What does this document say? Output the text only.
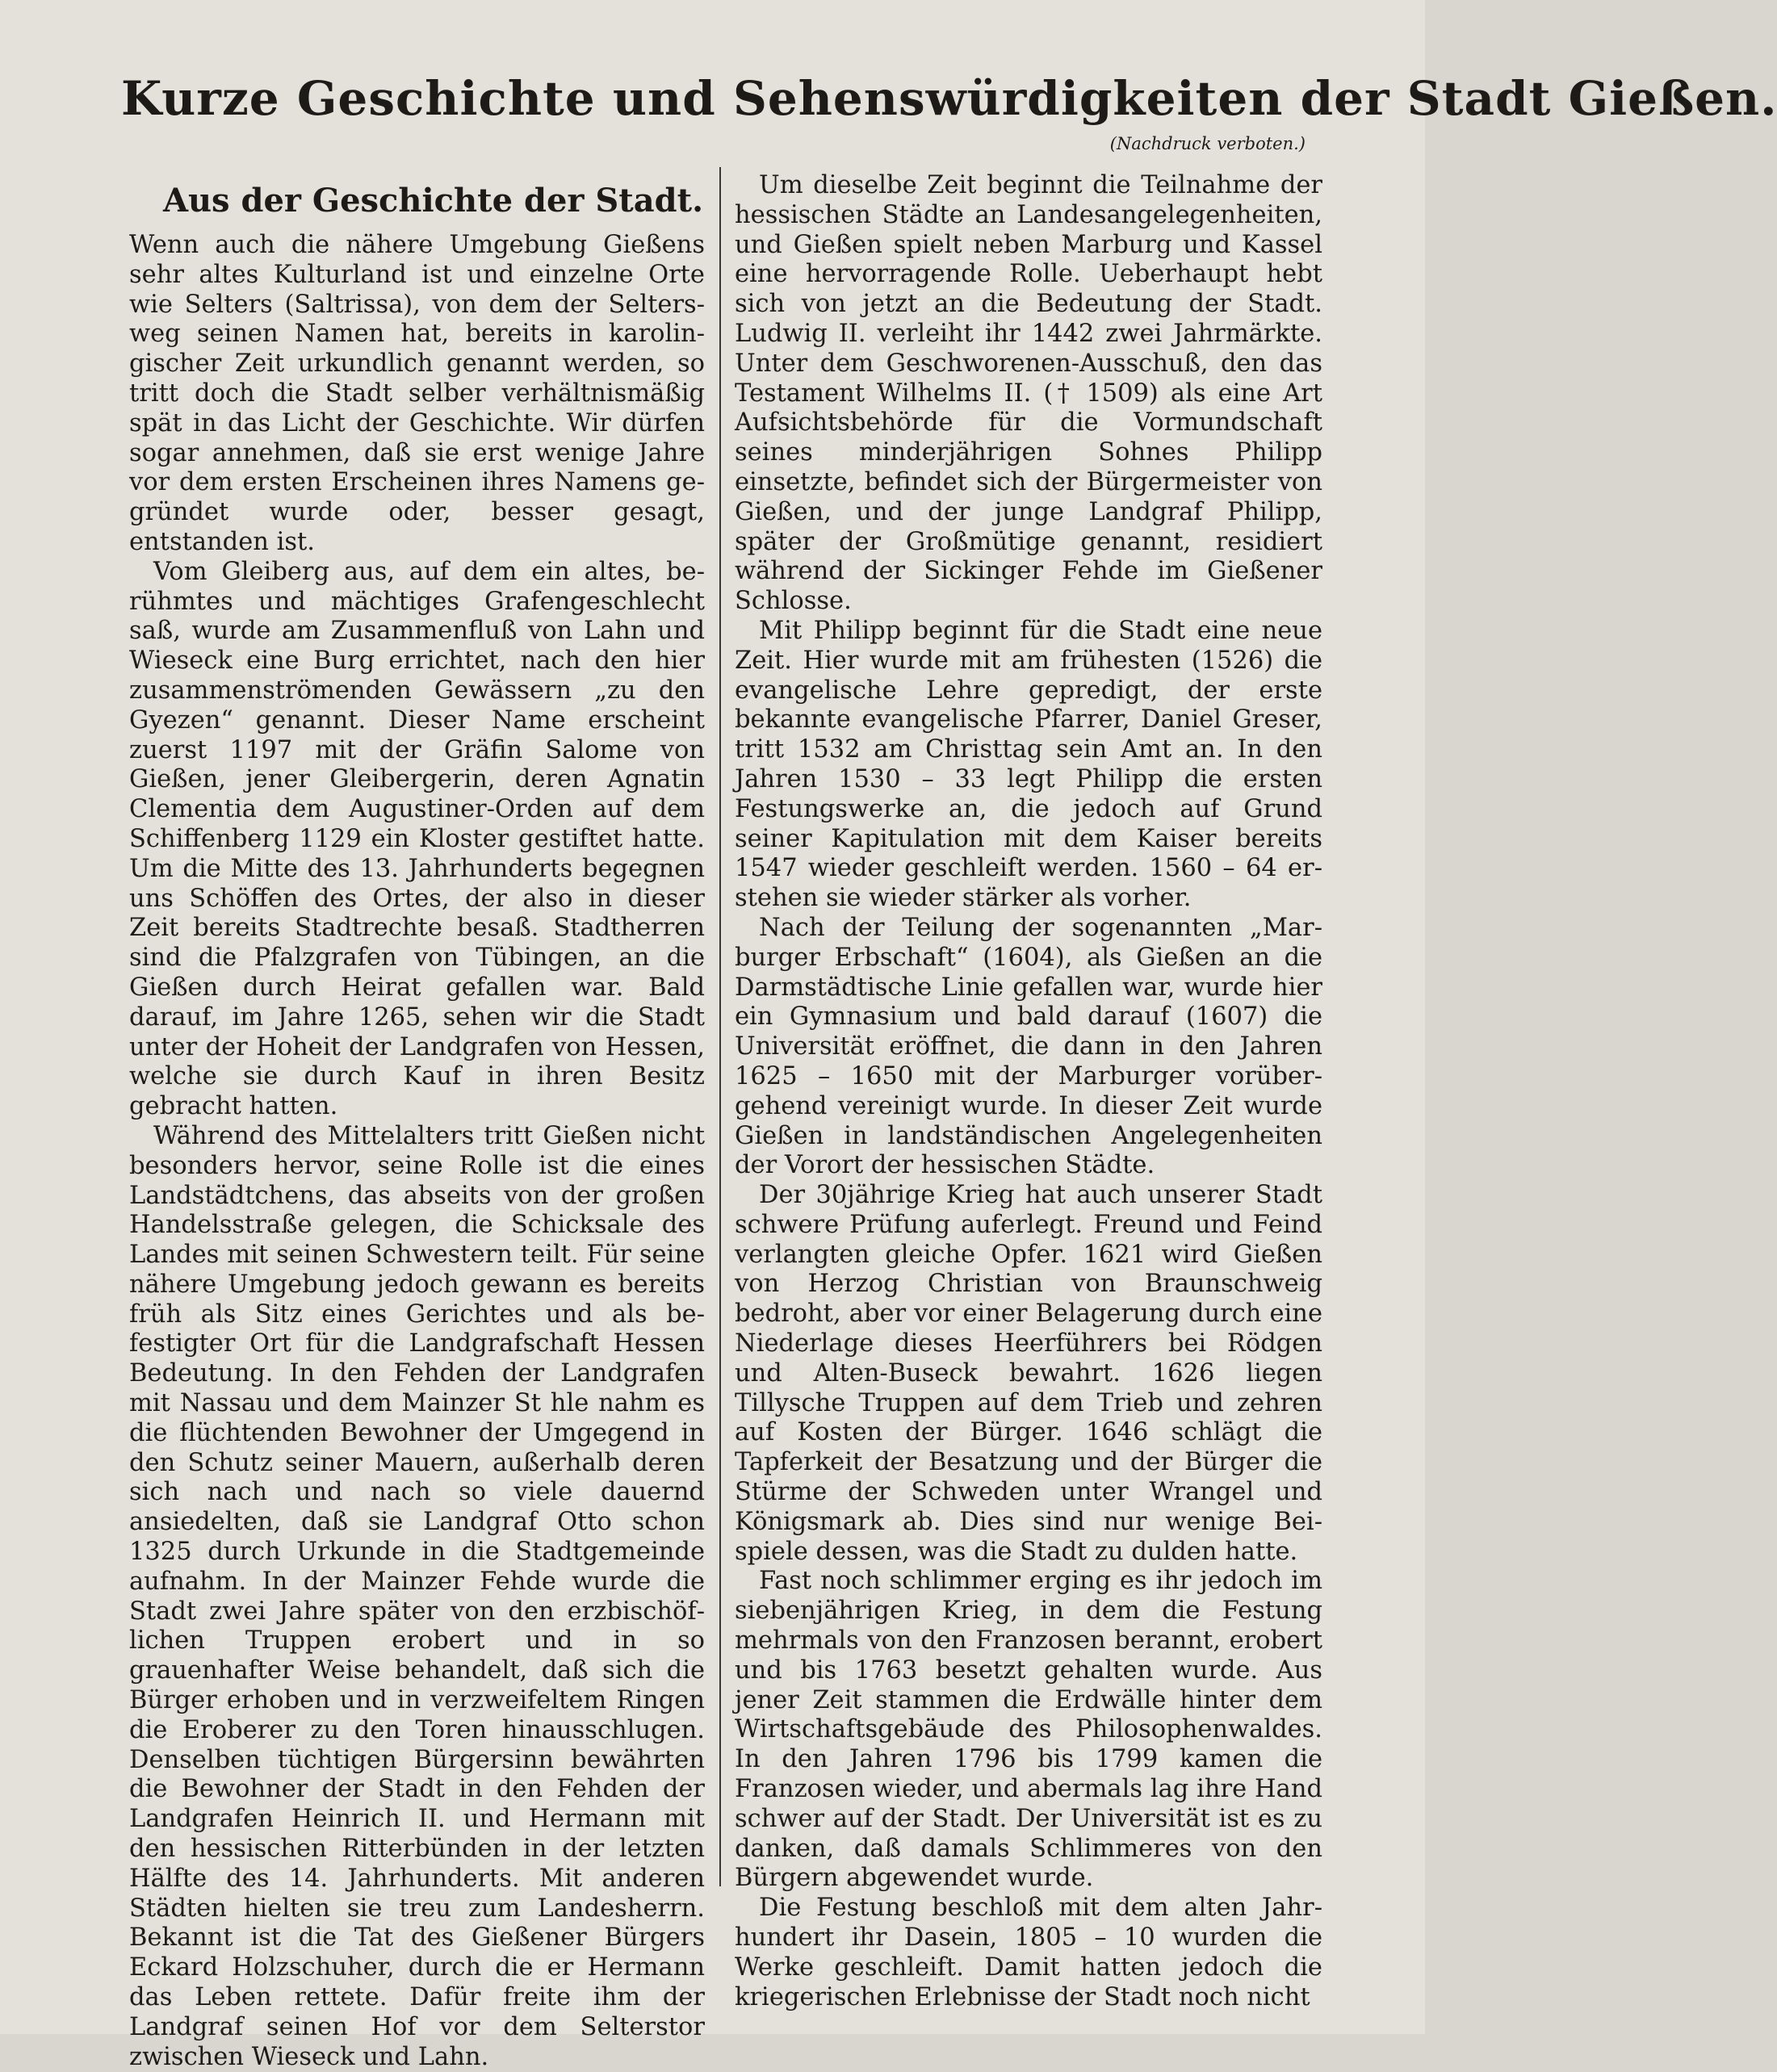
Kurze Geschichte und Sehenswürdigkeiten der Stadt Gießen.
(Nachdruck verboten.)
Aus der Geschichte der Stadt.

Wenn auch die nähere Umgebung Gießens sehr altes Kulturland ist und einzelne Orte wie Selters (Saltrissa), von dem der Seltersweg seinen Namen hat, bereits in karolingischer Zeit urkundlich genannt werden, so tritt doch die Stadt selber verhältnismäßig spät in das Licht der Geschichte. Wir dürfen sogar annehmen, daß sie erst wenige Jahre vor dem ersten Erscheinen ihres Namens gegründet wurde oder, besser gesagt, entstanden ist.

Vom Gleiberg aus, auf dem ein altes, berühmtes und mächtiges Grafengeschlecht saß, wurde am Zusammenfluß von Lahn und Wieseck eine Burg errichtet, nach den hier zusammenströmenden Gewässern „zu den Gyezen“ genannt. Dieser Name erscheint zuerst 1197 mit der Gräfin Salome von Gießen, jener Gleibergerin, deren Agnatin Clementia dem Augustiner-Orden auf dem Schiffenberg 1129 ein Kloster gestiftet hatte. Um die Mitte des 13. Jahrhunderts begegnen uns Schöffen des Ortes, der also in dieser Zeit bereits Stadtrechte besaß. Stadtherren sind die Pfalzgrafen von Tübingen, an die Gießen durch Heirat gefallen war. Bald darauf, im Jahre 1265, sehen wir die Stadt unter der Hoheit der Landgrafen von Hessen, welche sie durch Kauf in ihren Besitz gebracht hatten.

Während des Mittelalters tritt Gießen nicht besonders hervor, seine Rolle ist die eines Landstädtchens, das abseits von der großen Handelsstraße gelegen, die Schicksale des Landes mit seinen Schwestern teilt. Für seine nähere Umgebung jedoch gewann es bereits früh als Sitz eines Gerichtes und als befestigter Ort für die Landgrafschaft Hessen Bedeutung. In den Fehden der Landgrafen mit Nassau und dem Mainzer St hle nahm es die flüchtenden Bewohner der Umgegend in den Schutz seiner Mauern, außerhalb deren sich nach und nach so viele dauernd ansiedelten, daß sie Landgraf Otto schon 1325 durch Urkunde in die Stadtgemeinde aufnahm. In der Mainzer Fehde wurde die Stadt zwei Jahre später von den erzbischöflichen Truppen erobert und in so grauenhafter Weise behandelt, daß sich die Bürger erhoben und in verzweifeltem Ringen die Eroberer zu den Toren hinausschlugen. Denselben tüchtigen Bürgersinn bewährten die Bewohner der Stadt in den Fehden der Landgrafen Heinrich II. und Hermann mit den hessischen Ritterbünden in der letzten Hälfte des 14. Jahrhunderts. Mit anderen Städten hielten sie treu zum Landesherrn. Bekannt ist die Tat des Gießener Bürgers Eckard Holzschuher, durch die er Hermann das Leben rettete. Dafür freite ihm der Landgraf seinen Hof vor dem Selterstor zwischen Wieseck und Lahn.

Um dieselbe Zeit beginnt die Teilnahme der hessischen Städte an Landesangelegenheiten, und Gießen spielt neben Marburg und Kassel eine hervorragende Rolle. Ueberhaupt hebt sich von jetzt an die Bedeutung der Stadt. Ludwig II. verleiht ihr 1442 zwei Jahrmärkte. Unter dem Geschworenen-Ausschuß, den das Testament Wilhelms II. († 1509) als eine Art Aufsichtsbehörde für die Vormundschaft seines minderjährigen Sohnes Philipp einsetzte, befindet sich der Bürgermeister von Gießen, und der junge Landgraf Philipp, später der Großmütige genannt, residiert während der Sickinger Fehde im Gießener Schlosse.

Mit Philipp beginnt für die Stadt eine neue Zeit. Hier wurde mit am frühesten (1526) die evangelische Lehre gepredigt, der erste bekannte evangelische Pfarrer, Daniel Greser, tritt 1532 am Christtag sein Amt an. In den Jahren 1530 – 33 legt Philipp die ersten Festungswerke an, die jedoch auf Grund seiner Kapitulation mit dem Kaiser bereits 1547 wieder geschleift werden. 1560 – 64 erstehen sie wieder stärker als vorher.

Nach der Teilung der sogenannten „Marburger Erbschaft“ (1604), als Gießen an die Darmstädtische Linie gefallen war, wurde hier ein Gymnasium und bald darauf (1607) die Universität eröffnet, die dann in den Jahren 1625 – 1650 mit der Marburger vorübergehend vereinigt wurde. In dieser Zeit wurde Gießen in landständischen Angelegenheiten der Vorort der hessischen Städte.

Der 30jährige Krieg hat auch unserer Stadt schwere Prüfung auferlegt. Freund und Feind verlangten gleiche Opfer. 1621 wird Gießen von Herzog Christian von Braunschweig bedroht, aber vor einer Belagerung durch eine Niederlage dieses Heerführers bei Rödgen und Alten-Buseck bewahrt. 1626 liegen Tillysche Truppen auf dem Trieb und zehren auf Kosten der Bürger. 1646 schlägt die Tapferkeit der Besatzung und der Bürger die Stürme der Schweden unter Wrangel und Königsmark ab. Dies sind nur wenige Beispiele dessen, was die Stadt zu dulden hatte.

Fast noch schlimmer erging es ihr jedoch im siebenjährigen Krieg, in dem die Festung mehrmals von den Franzosen berannt, erobert und bis 1763 besetzt gehalten wurde. Aus jener Zeit stammen die Erdwälle hinter dem Wirtschaftsgebäude des Philosophenwaldes. In den Jahren 1796 bis 1799 kamen die Franzosen wieder, und abermals lag ihre Hand schwer auf der Stadt. Der Universität ist es zu danken, daß damals Schlimmeres von den Bürgern abgewendet wurde.

Die Festung beschloß mit dem alten Jahrhundert ihr Dasein, 1805 – 10 wurden die Werke geschleift. Damit hatten jedoch die kriegerischen Erlebnisse der Stadt noch nicht
